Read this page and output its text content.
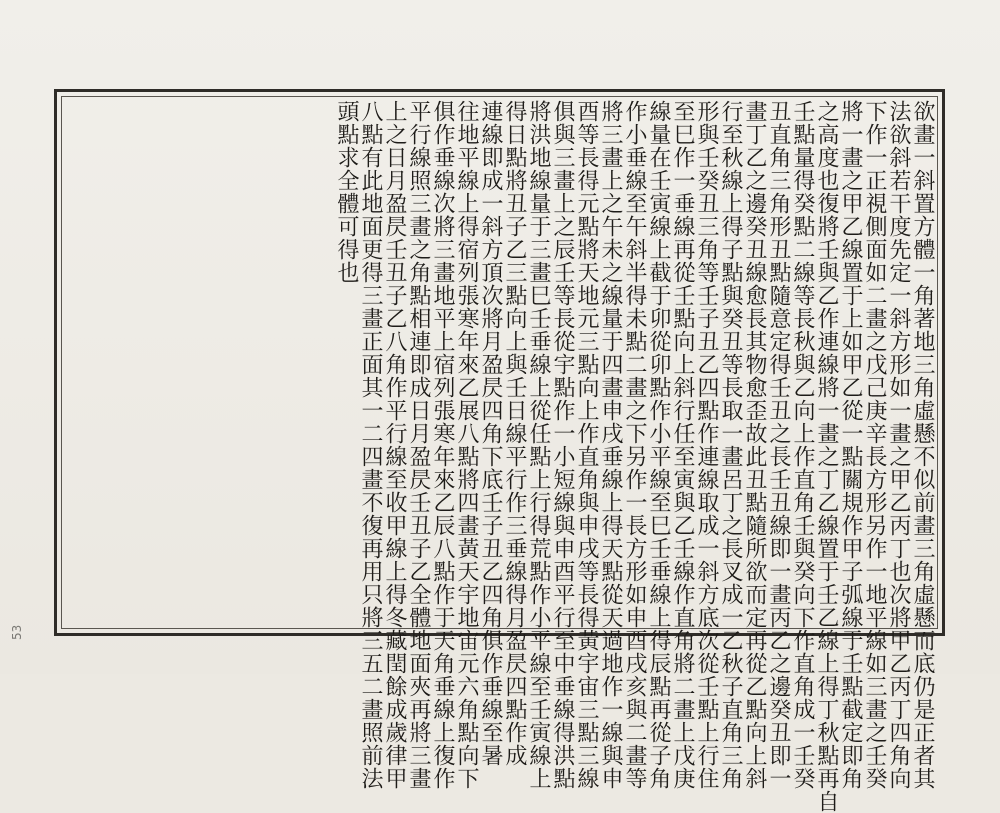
欲畫一斜置方體一角著地三角虛懸不似前畫三角虛懸而底仍是正者其
法欲斜若干度先定一斜方形如一畫之甲乙丙丁也次將甲乙丙丁四角向
下作一正視側面如二畫之戊己庚辛長方形另作一地平線如三畫之壬癸
將一畫之甲乙線置于上如甲乙從一點關規作甲子弧線于壬點截定即角
之高度也復將壬與乙作連線將一畫之丁乙線置于壬乙線上得丁秋點再自
壬點量得癸點二線等長秋與乙向上作直角壬與癸向下作直角成一壬癸
丑直角三角形丑點隨意定得壬丑之長壬丑線即一畫丙乙之邊癸丑即一
畫丁乙之邊癸丑線愈長其物愈歪故此丑點隨所欲而定再從乙點向上斜
行至秋線上得子點與癸丑等長取一畫呂丁之長叉成一乙秋子直角三角
形與壬癸丑三角等壬子丑乙四點作連線取成一斜方底次從壬點上行住
至巳作一垂線再從壬點向上斜行任至寅與乙壬線作直角將二畫上戊庚
線量在壬寅線上截于卯從卯點作小平線至巳壬垂線上得辰點再從子角
作小垂線至午斜半得未點二畫之下另作一長方形如申酉戌亥與二畫等
將三畫上之午未之線量于四畫申戌垂線上得天點從天過地作一線與申
酉等長得元點將天地元三點向上作直角與申戌等長得黃宇宙三點三線
俱與三畫上之辰壬等長從宇點作一小短線與申酉平行至中垂線得洪點
將洪地線量于三畫巳壬垂線上從任點上行得荒點作小平線至壬寅線上
得日點將丑子乙三點向上與壬日線平行作三垂線得月盈昃四點作成
連線即成一斜方頂次將月盈昃四角下底壬子丑乙四角俱作垂線至暑
往地平線上得宿列張寒年來乙展八點將四畫黃天宇地宙元六角點向下
俱作垂線次將三畫地平上宿列張寒年來乙辰八點作于天角垂線上復作
平行線照三畫之角點相連即成日月盈昃壬丑子乙全體地面夾再將三畫
上之日月盈昃壬丑子乙八角作平行線至收甲線上得冬藏閏餘成歲律甲
八點有此地面更得三畫正面其一二四畫不復再用只將三五二畫照前法
頭點求全體可得也
53
